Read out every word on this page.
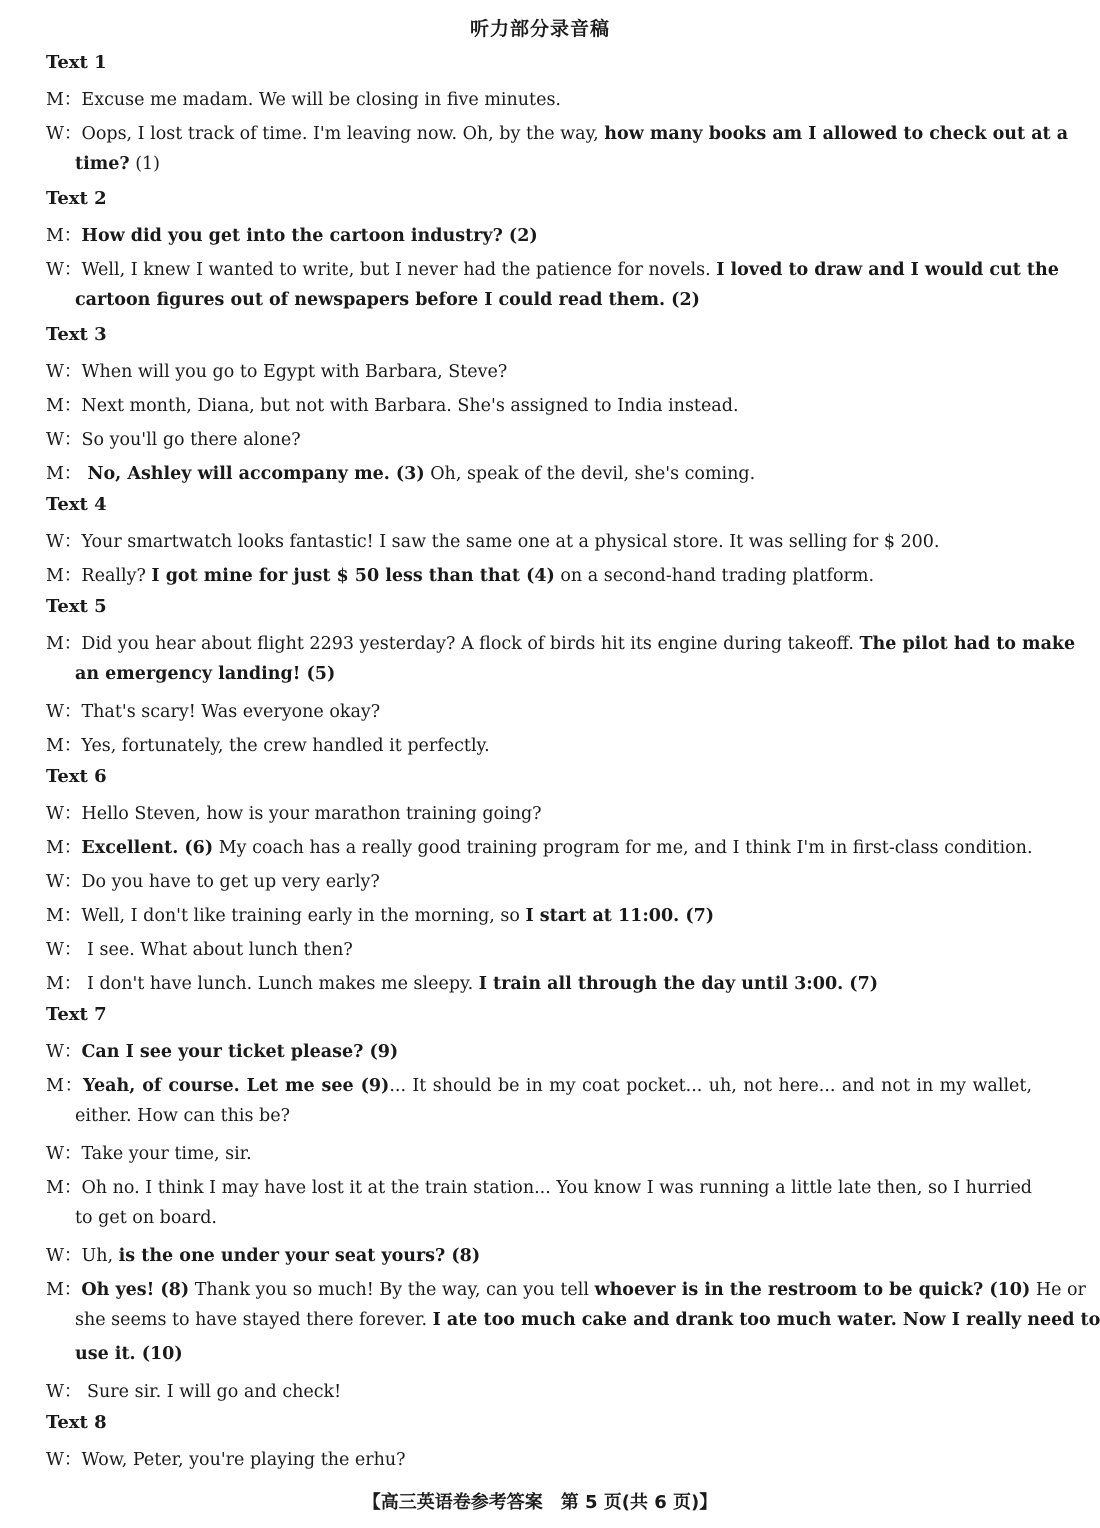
听力部分录音稿
Text 1
M：Excuse me madam. We will be closing in five minutes.
W：Oops, I lost track of time. I'm leaving now. Oh, by the way, how many books am I allowed to check out at a
time? (1)
Text 2
M：How did you get into the cartoon industry? (2)
W：Well, I knew I wanted to write, but I never had the patience for novels. I loved to draw and I would cut the
cartoon figures out of newspapers before I could read them. (2)
Text 3
W：When will you go to Egypt with Barbara, Steve?
M：Next month, Diana, but not with Barbara. She's assigned to India instead.
W：So you'll go there alone?
M： No, Ashley will accompany me. (3) Oh, speak of the devil, she's coming.
Text 4
W：Your smartwatch looks fantastic! I saw the same one at a physical store. It was selling for $ 200.
M：Really? I got mine for just $ 50 less than that (4) on a second-hand trading platform.
Text 5
M：Did you hear about flight 2293 yesterday? A flock of birds hit its engine during takeoff. The pilot had to make
an emergency landing! (5)
W：That's scary! Was everyone okay?
M：Yes, fortunately, the crew handled it perfectly.
Text 6
W：Hello Steven, how is your marathon training going?
M：Excellent. (6) My coach has a really good training program for me, and I think I'm in first-class condition.
W：Do you have to get up very early?
M：Well, I don't like training early in the morning, so I start at 11:00. (7)
W： I see. What about lunch then?
M： I don't have lunch. Lunch makes me sleepy. I train all through the day until 3:00. (7)
Text 7
W：Can I see your ticket please? (9)
M：Yeah, of course. Let me see (9)... It should be in my coat pocket... uh, not here... and not in my wallet,
either. How can this be?
W：Take your time, sir.
M：Oh no. I think I may have lost it at the train station... You know I was running a little late then, so I hurried
to get on board.
W：Uh, is the one under your seat yours? (8)
M：Oh yes! (8) Thank you so much! By the way, can you tell whoever is in the restroom to be quick? (10) He or
she seems to have stayed there forever. I ate too much cake and drank too much water. Now I really need to
use it. (10)
W： Sure sir. I will go and check!
Text 8
W：Wow, Peter, you're playing the erhu?
【高三英语卷参考答案　第 5 页(共 6 页)】
